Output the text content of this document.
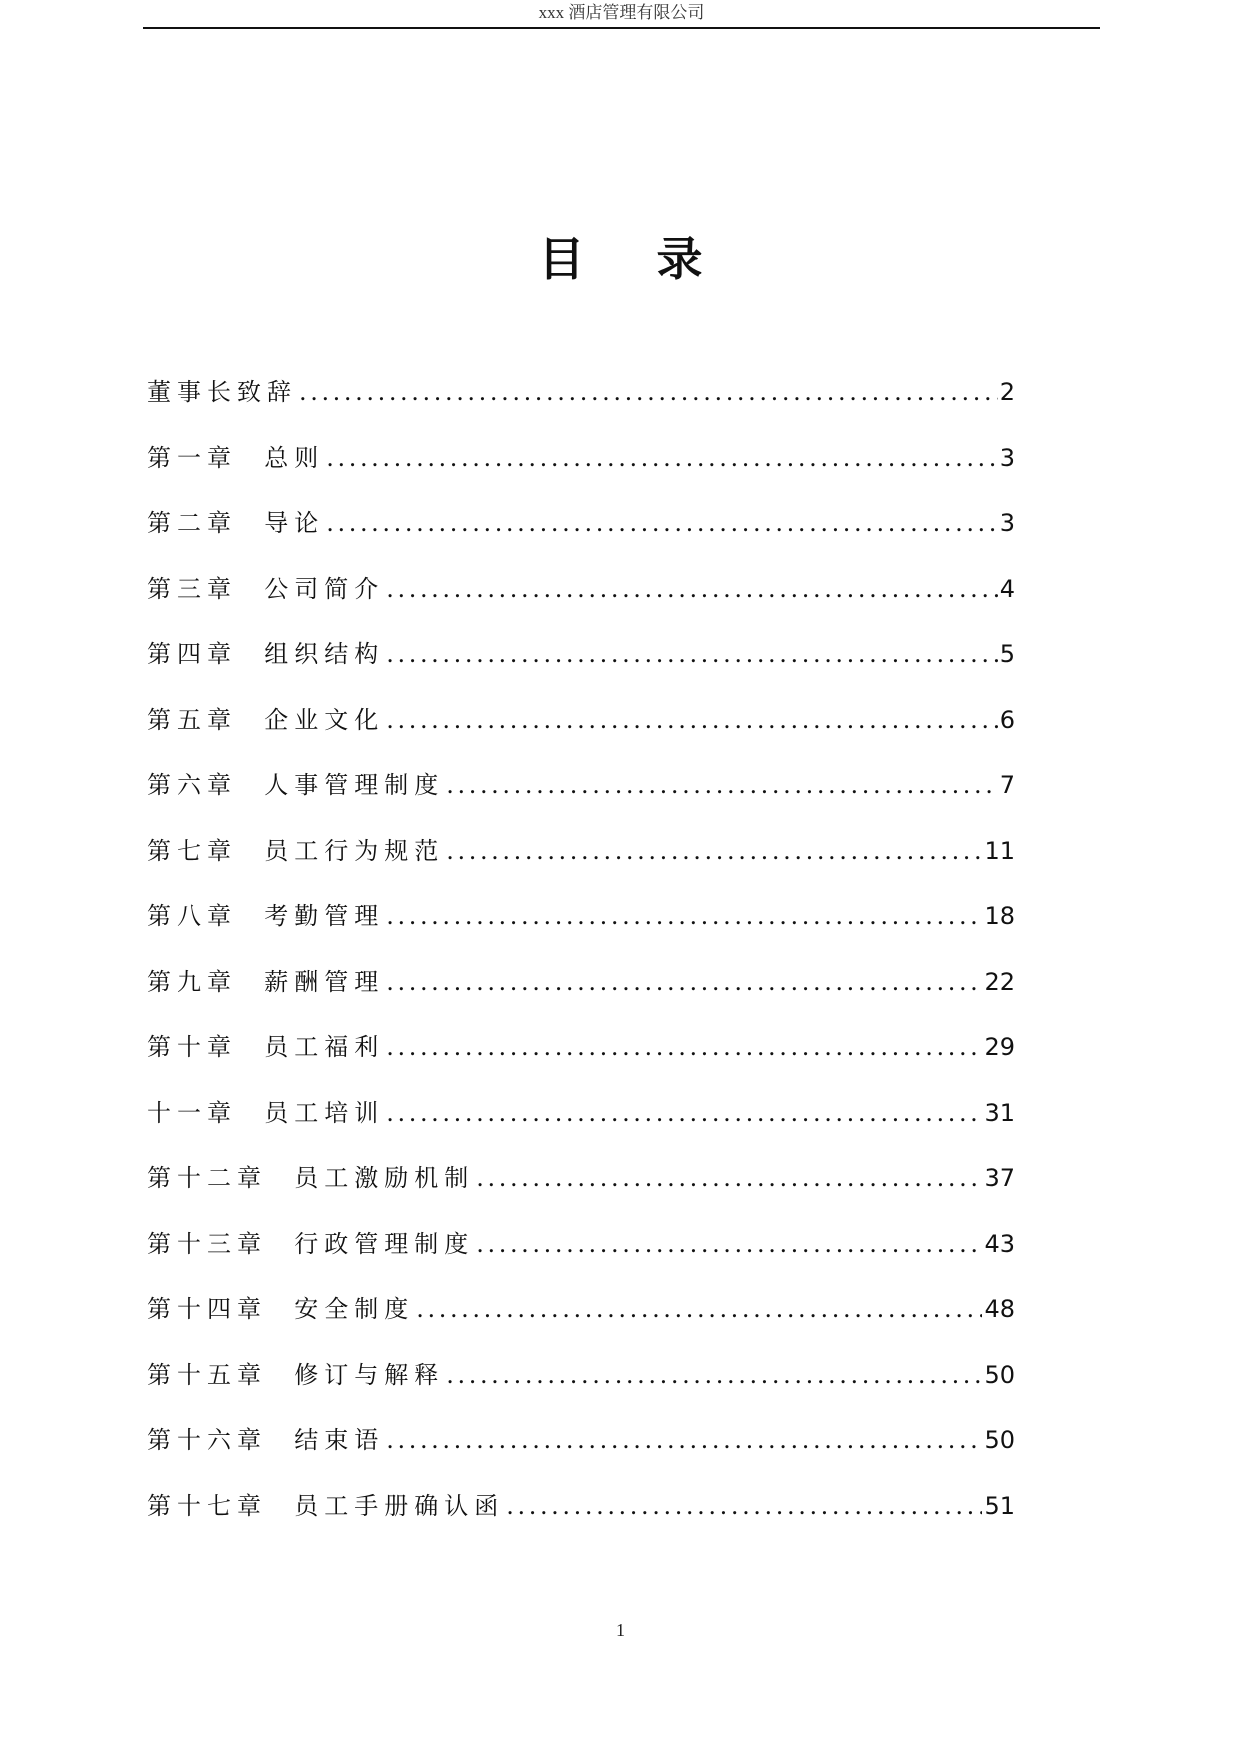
xxx 酒店管理有限公司
目录
董事长致辞 .....	2
第一章  总则 .....	3
第二章  导论 .....	3
第三章  公司简介 .....	4
第四章  组织结构 .....	5
第五章  企业文化 .....	6
第六章  人事管理制度 .....	7
第七章  员工行为规范 .....	11
第八章  考勤管理 .....	18
第九章  薪酬管理 .....	22
第十章  员工福利 .....	29
十一章  员工培训 .....	31
第十二章  员工激励机制 .....	37
第十三章  行政管理制度 .....	43
第十四章  安全制度 .....	48
第十五章  修订与解释 .....	50
第十六章  结束语 .....	50
第十七章  员工手册确认函 .....	51
1
